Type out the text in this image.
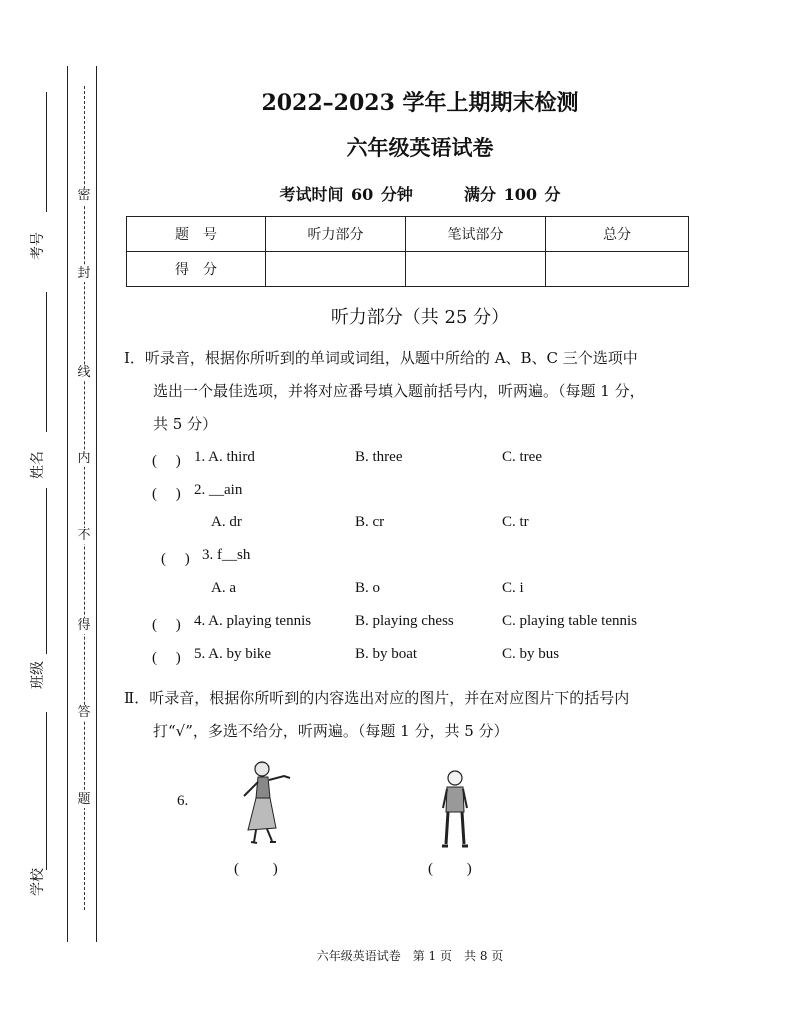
密
封
线
内
不
得
答
题
考号
姓名
班级
学校
2022–2023 学年上期期末检测
六年级英语试卷
考试时间 60 分钟	满分 100 分
题　号	听力部分	笔试部分	总分
得　分			
听力部分（共 25 分）
Ⅰ．听录音，根据你所听到的单词或词组，从题中所给的 A、B、C 三个选项中
选出一个最佳选项，并将对应番号填入题前括号内，听两遍。（每题 1 分，
共 5 分）
(　 ) 1. A. third	B. three	C. tree
(　 ) 2. __ain
A. dr	B. cr	C. tr
(　 ) 3. f__sh
A. a	B. o	C. i
(　 ) 4. A. playing tennis	B. playing chess	C. playing table tennis
(　 ) 5. A. by bike	B. by boat	C. by bus
Ⅱ．听录音，根据你所听到的内容选出对应的图片，并在对应图片下的括号内
打“√”，多选不给分，听两遍。（每题 1 分，共 5 分）
6.
(　　 )	(　　 )
六年级英语试卷　第 1 页　共 8 页
